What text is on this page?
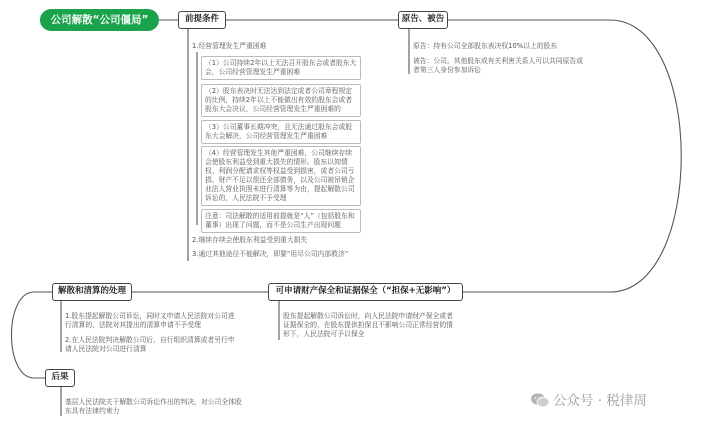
公司解散“公司僵局”	前提条件
1.经营管理发生严重困难
（1）公司持续2年以上无法召开股东会或者股东大会，公司经营管理发生严重困难
（2）股东表决时无法达到法定或者公司章程规定的比例，持续2年以上不能做出有效的股东会或者股东大会决议，公司经营管理发生严重困难的
（3）公司董事长期冲突，且无法通过股东会或股东大会解决，公司经营管理发生严重困难
（4）经营管理发生其他严重困难，公司继续存续会使股东利益受到重大损失的情形。股东以知情权、利润分配请求权等权益受到损害，或者公司亏损、财产不足以偿还全部债务，以及公司被吊销企业法人营业执照未进行清算等为由，提起解散公司诉讼的，人民法院不予受理
注意：司法解散的适用前提就是“人”（包括股东和董事）出现了问题，而不是公司生产出现问题
2.继续存续会使股东利益受到重大损失
3.通过其他途径不能解决，即要“用尽公司内部救济”
原告、被告
原告：持有公司全部股东表决权10%以上的股东
被告：公司。其他股东或有关利害关系人可以共同原告或者第三人身份参加诉讼
可申请财产保全和证据保全（“担保+无影响”）
股东提起解散公司诉讼时，向人民法院申请财产保全或者证据保全的，在股东提供担保且不影响公司正常经营的情形下，人民法院可予以保全
解散和清算的处理
1.股东提起解散公司诉讼，同时又申请人民法院对公司进行清算的，法院对其提出的清算申请不予受理
2.在人民法院判决解散公司后，自行组织清算或者另行申请人民法院对公司进行清算
后果
基层人民法院关于解散公司诉讼作出的判决，对公司全体股东具有法律约束力
公众号 · 税律周
